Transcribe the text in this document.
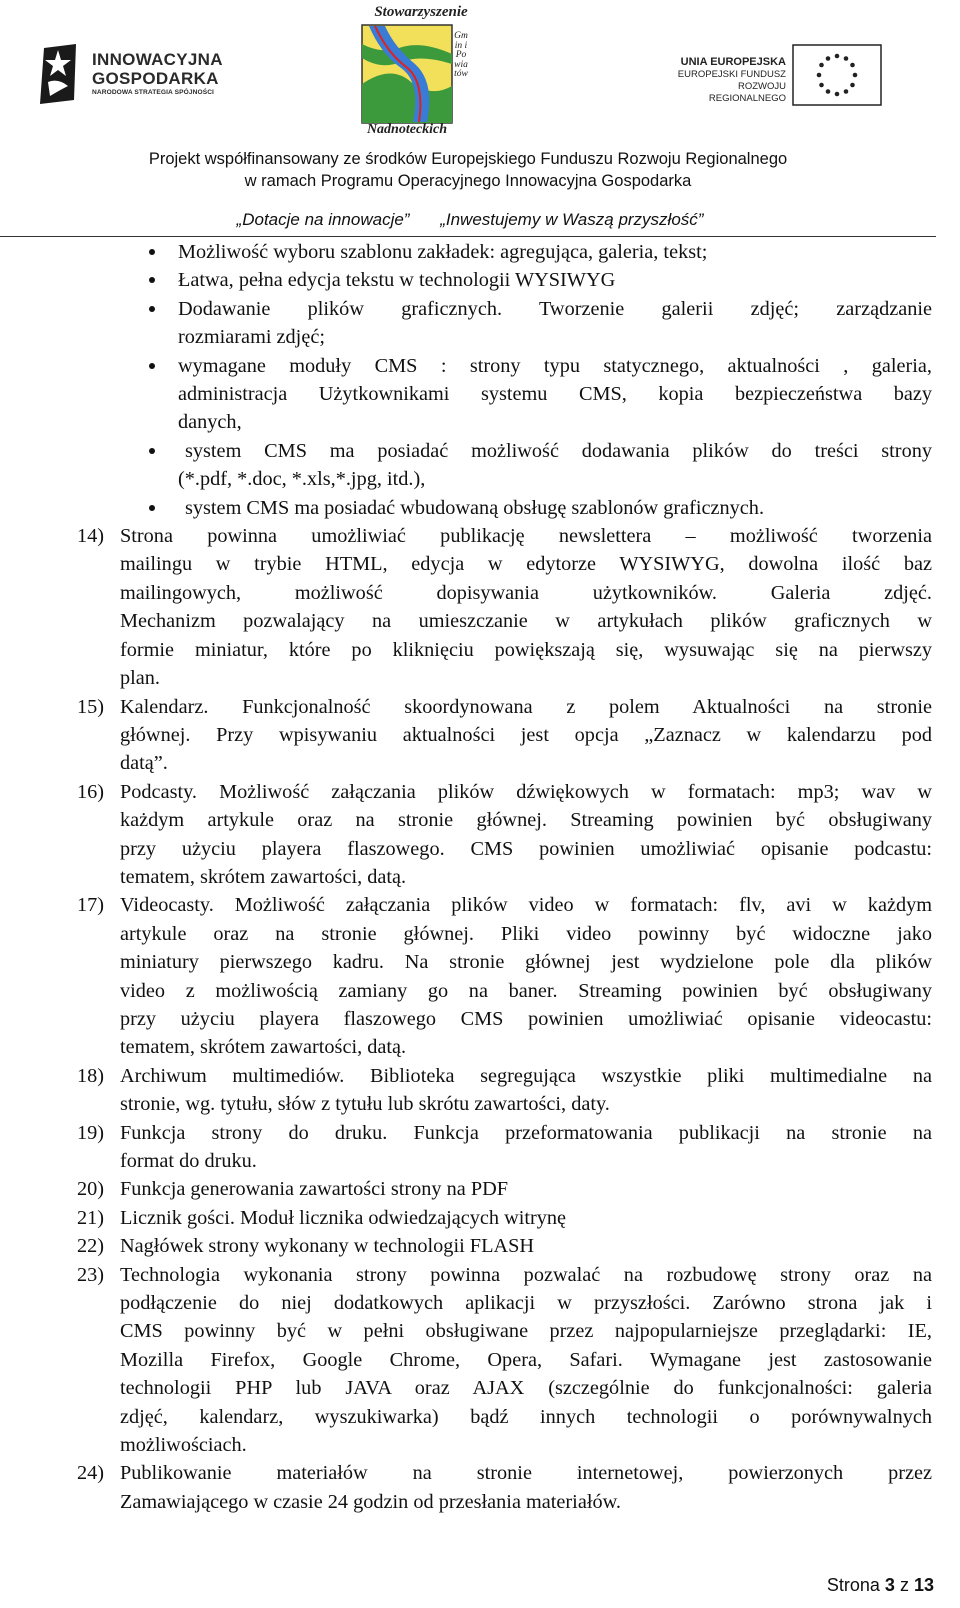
INNOWACYJNA
GOSPODARKA
NARODOWA STRATEGIA SPÓJNOŚCI
Stowarzyszenie
Gmin i Powiatów
Nadnoteckich
UNIA EUROPEJSKA
EUROPEJSKI FUNDUSZ
ROZWOJU REGIONALNEGO
Projekt współfinansowany ze środków Europejskiego Funduszu Rozwoju Regionalnego
w ramach Programu Operacyjnego Innowacyjna Gospodarka
„Dotacje na innowacje” „Inwestujemy w Waszą przyszłość”
Możliwość wyboru szablonu zakładek: agregująca, galeria, tekst;
Łatwa, pełna edycja tekstu w technologii WYSIWYG
Dodawanie plików graficznych. Tworzenie galerii zdjęć; zarządzanie
rozmiarami zdjęć;
wymagane moduły CMS : strony typu statycznego, aktualności , galeria,
administracja Użytkownikami systemu CMS, kopia bezpieczeństwa bazy
danych,
system CMS ma posiadać możliwość dodawania plików do treści strony
(*.pdf, *.doc, *.xls,*.jpg, itd.),
system CMS ma posiadać wbudowaną obsługę szablonów graficznych.
14) Strona powinna umożliwiać publikację newslettera – możliwość tworzenia
mailingu w trybie HTML, edycja w edytorze WYSIWYG, dowolna ilość baz
mailingowych, możliwość dopisywania użytkowników. Galeria zdjęć.
Mechanizm pozwalający na umieszczanie w artykułach plików graficznych w
formie miniatur, które po kliknięciu powiększają się, wysuwając się na pierwszy
plan.
15) Kalendarz. Funkcjonalność skoordynowana z polem Aktualności na stronie
głównej. Przy wpisywaniu aktualności jest opcja „Zaznacz w kalendarzu pod
datą”.
16) Podcasty. Możliwość załączania plików dźwiękowych w formatach: mp3; wav w
każdym artykule oraz na stronie głównej. Streaming powinien być obsługiwany
przy użyciu playera flaszowego. CMS powinien umożliwiać opisanie podcastu:
tematem, skrótem zawartości, datą.
17) Videocasty. Możliwość załączania plików video w formatach: flv, avi w każdym
artykule oraz na stronie głównej. Pliki video powinny być widoczne jako
miniatury pierwszego kadru. Na stronie głównej jest wydzielone pole dla plików
video z możliwością zamiany go na baner. Streaming powinien być obsługiwany
przy użyciu playera flaszowego CMS powinien umożliwiać opisanie videocastu:
tematem, skrótem zawartości, datą.
18) Archiwum multimediów. Biblioteka segregująca wszystkie pliki multimedialne na
stronie, wg. tytułu, słów z tytułu lub skrótu zawartości, daty.
19) Funkcja strony do druku. Funkcja przeformatowania publikacji na stronie na
format do druku.
20) Funkcja generowania zawartości strony na PDF
21) Licznik gości. Moduł licznika odwiedzających witrynę
22) Nagłówek strony wykonany w technologii FLASH
23) Technologia wykonania strony powinna pozwalać na rozbudowę strony oraz na
podłączenie do niej dodatkowych aplikacji w przyszłości. Zarówno strona jak i
CMS powinny być w pełni obsługiwane przez najpopularniejsze przeglądarki: IE,
Mozilla Firefox, Google Chrome, Opera, Safari. Wymagane jest zastosowanie
technologii PHP lub JAVA oraz AJAX (szczególnie do funkcjonalności: galeria
zdjęć, kalendarz, wyszukiwarka) bądź innych technologii o porównywalnych
możliwościach.
24) Publikowanie materiałów na stronie internetowej, powierzonych przez
Zamawiającego w czasie 24 godzin od przesłania materiałów.
Strona 3 z 13
